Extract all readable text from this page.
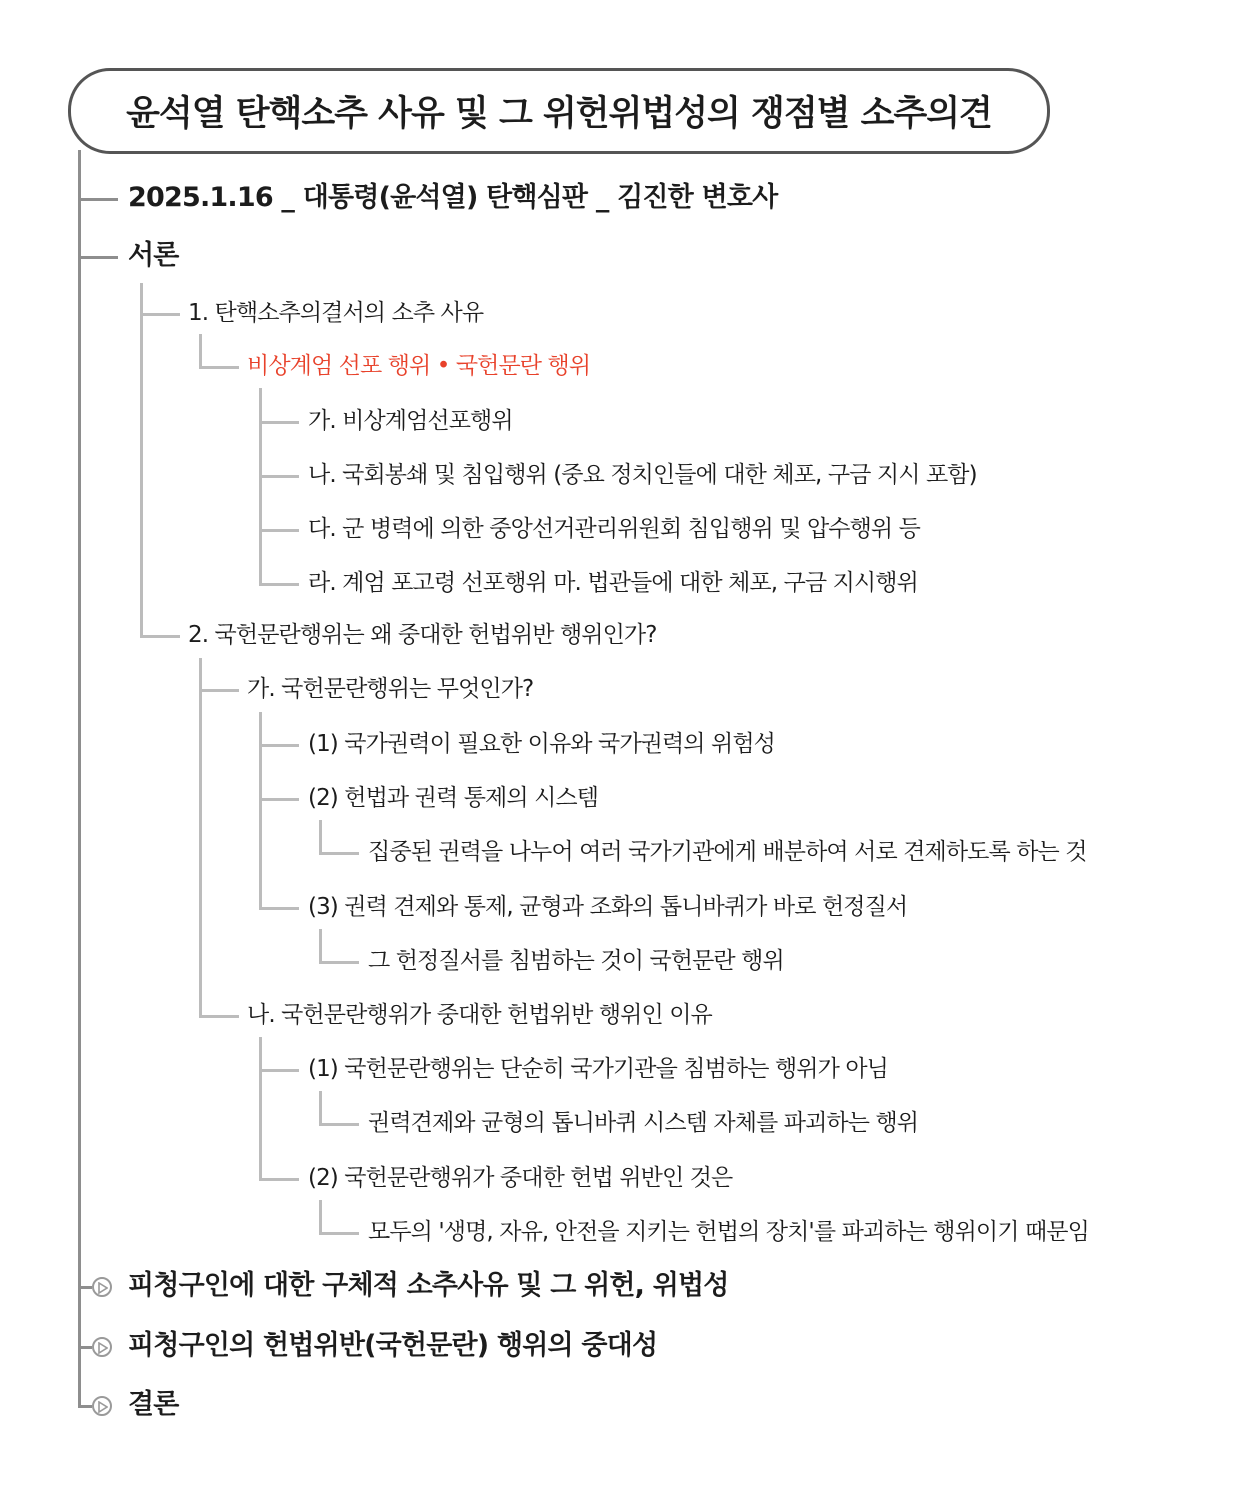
윤석열 탄핵소추 사유 및 그 위헌위법성의 쟁점별 소추의견
2025.1.16 _ 대통령(윤석열) 탄핵심판 _ 김진한 변호사
서론
1. 탄핵소추의결서의 소추 사유
비상계엄 선포 행위 • 국헌문란 행위
가. 비상계엄선포행위
나. 국회봉쇄 및 침입행위 (중요 정치인들에 대한 체포, 구금 지시 포함)
다. 군 병력에 의한 중앙선거관리위원회 침입행위 및 압수행위 등
라. 계엄 포고령 선포행위 마. 법관들에 대한 체포, 구금 지시행위
2. 국헌문란행위는 왜 중대한 헌법위반 행위인가?
가. 국헌문란행위는 무엇인가?
(1) 국가권력이 필요한 이유와 국가권력의 위험성
(2) 헌법과 권력 통제의 시스템
집중된 권력을 나누어 여러 국가기관에게 배분하여 서로 견제하도록 하는 것
(3) 권력 견제와 통제, 균형과 조화의 톱니바퀴가 바로 헌정질서
그 헌정질서를 침범하는 것이 국헌문란 행위
나. 국헌문란행위가 중대한 헌법위반 행위인 이유
(1) 국헌문란행위는 단순히 국가기관을 침범하는 행위가 아님
권력견제와 균형의 톱니바퀴 시스템 자체를 파괴하는 행위
(2) 국헌문란행위가 중대한 헌법 위반인 것은
모두의 '생명, 자유, 안전을 지키는 헌법의 장치'를 파괴하는 행위이기 때문임
피청구인에 대한 구체적 소추사유 및 그 위헌, 위법성
피청구인의 헌법위반(국헌문란) 행위의 중대성
결론
